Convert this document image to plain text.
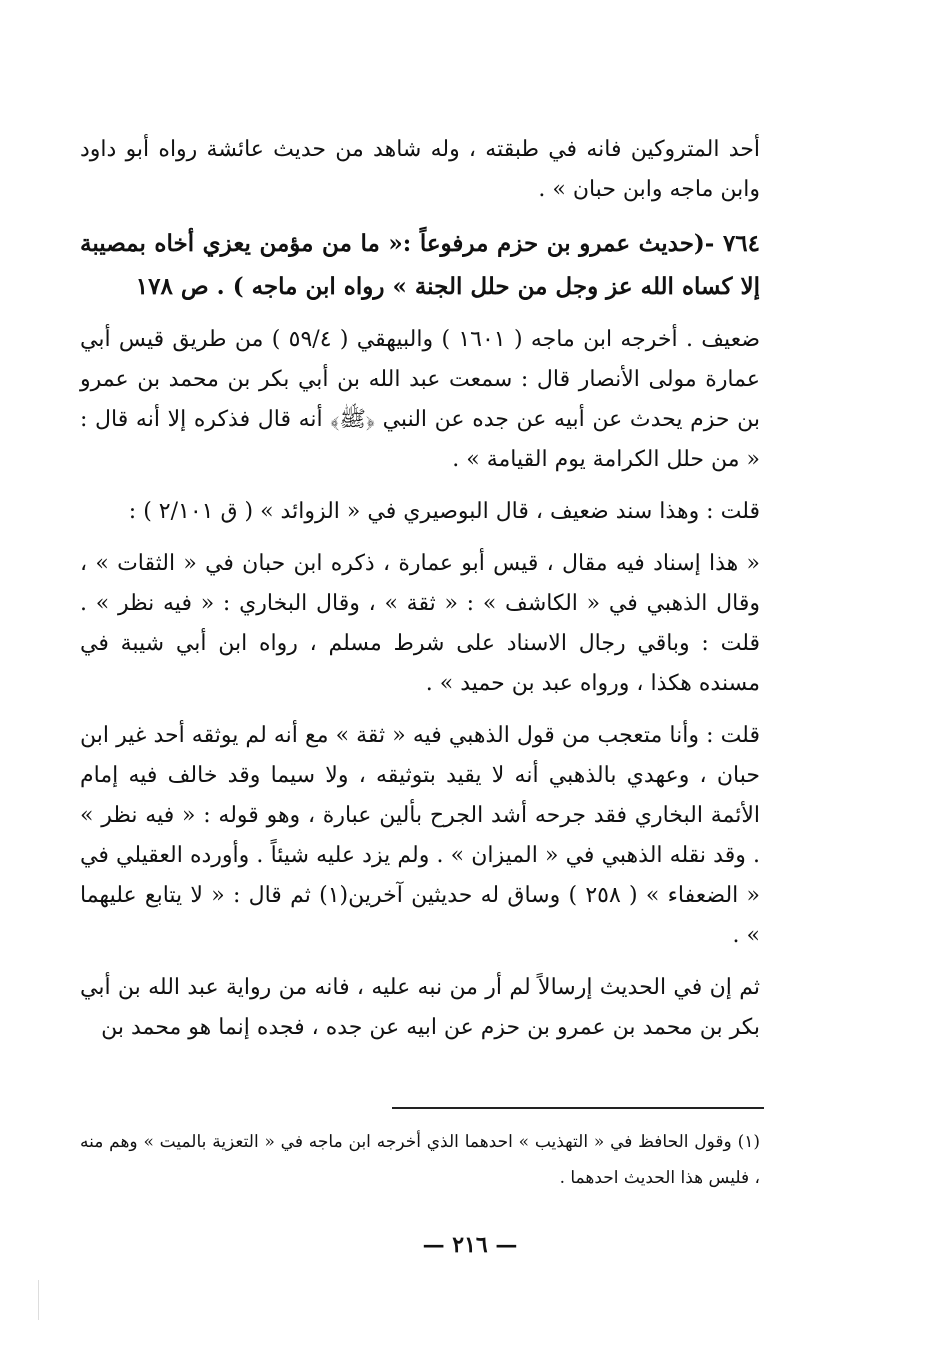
أحد المتروكين فانه في طبقته ، وله شاهد من حديث عائشة رواه أبو داود وابن ماجه وابن حبان » .

٧٦٤ -(حديث عمرو بن حزم مرفوعاً :« ما من مؤمن يعزي أخاه بمصيبة إلا كساه الله عز وجل من حلل الجنة » رواه ابن ماجه ) . ص ١٧٨

ضعيف . أخرجه ابن ماجه ( ١٦٠١ ) والبيهقي ( ٥٩/٤ ) من طريق قيس أبي عمارة مولى الأنصار قال : سمعت عبد الله بن أبي بكر بن محمد بن عمرو بن حزم يحدث عن أبيه عن جده عن النبي ﴿ﷺ﴾ أنه قال فذكره إلا أنه قال : « من حلل الكرامة يوم القيامة » .

قلت : وهذا سند ضعيف ، قال البوصيري في « الزوائد » ( ق ٢/١٠١ ) :

« هذا إسناد فيه مقال ، قيس أبو عمارة ، ذكره ابن حبان في « الثقات » ، وقال الذهبي في « الكاشف » : « ثقة » ، وقال البخاري : « فيه نظر » . قلت : وباقي رجال الاسناد على شرط مسلم ، رواه ابن أبي شيبة في مسنده هكذا ، ورواه عبد بن حميد » .

قلت : وأنا متعجب من قول الذهبي فيه « ثقة » مع أنه لم يوثقه أحد غير ابن حبان ، وعهدي بالذهبي أنه لا يقيد بتوثيقه ، ولا سيما وقد خالف فيه إمام الأئمة البخاري فقد جرحه أشد الجرح بألين عبارة ، وهو قوله : « فيه نظر » . وقد نقله الذهبي في « الميزان » . ولم يزد عليه شيئاً . وأورده العقيلي في « الضعفاء » ( ٢٥٨ ) وساق له حديثين آخرين(١) ثم قال : « لا يتابع عليهما » .

ثم إن في الحديث إرسالاً لم أر من نبه عليه ، فانه من رواية عبد الله بن أبي بكر بن محمد بن عمرو بن حزم عن ابيه عن جده ، فجده إنما هو محمد بن

(١) وقول الحافظ في « التهذيب » احدهما الذي أخرجه ابن ماجه في « التعزية بالميت » وهم منه ، فليس هذا الحديث احدهما .
— ٢١٦ —
